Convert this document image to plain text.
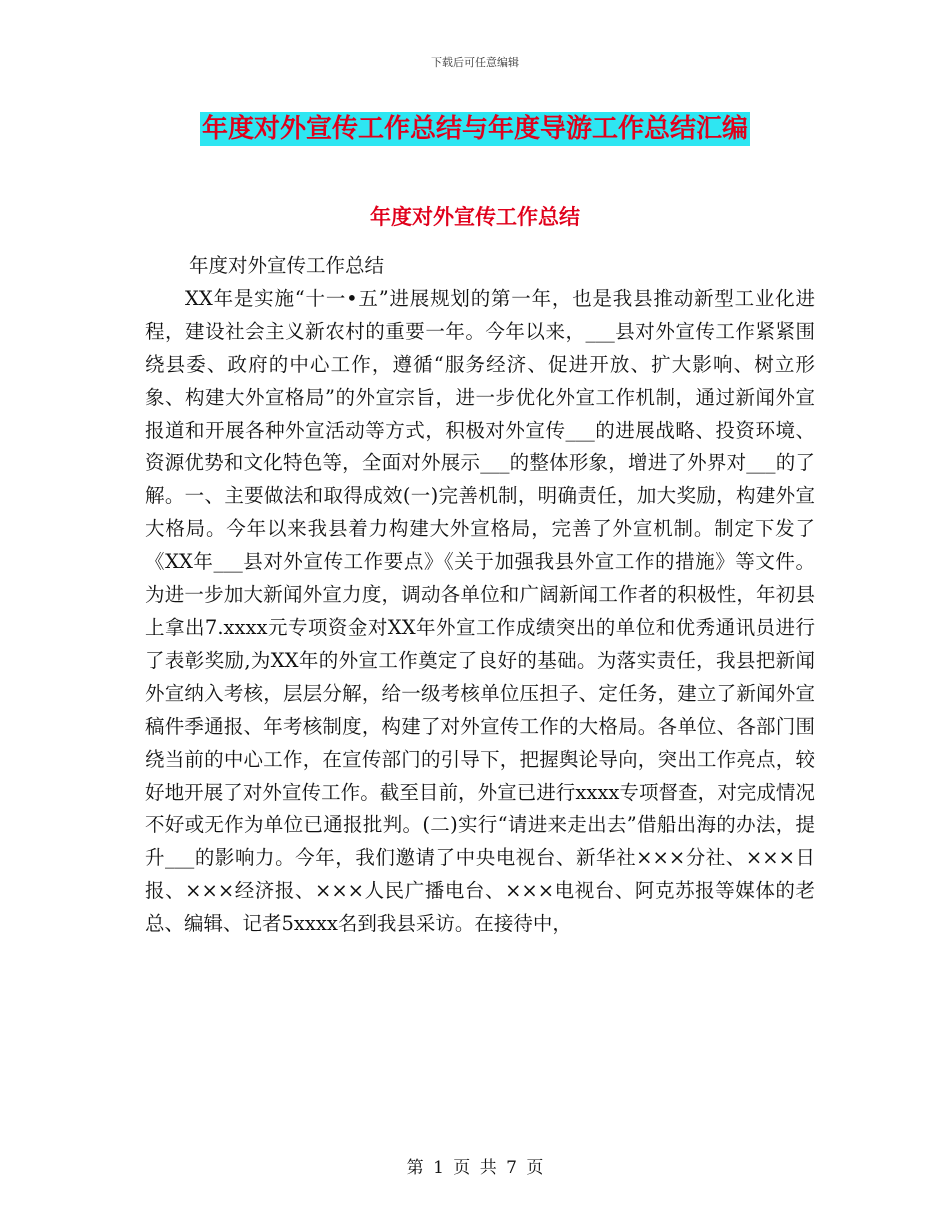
下载后可任意编辑
年度对外宣传工作总结与年度导游工作总结汇编
年度对外宣传工作总结

年度对外宣传工作总结

XX年是实施“十一•五”进展规划的第一年，也是我县推动新型工业化进程，建设社会主义新农村的重要一年。今年以来，___县对外宣传工作紧紧围绕县委、政府的中心工作，遵循“服务经济、促进开放、扩大影响、树立形象、构建大外宣格局”的外宣宗旨，进一步优化外宣工作机制，通过新闻外宣报道和开展各种外宣活动等方式，积极对外宣传___的进展战略、投资环境、资源优势和文化特色等，全面对外展示___的整体形象，增进了外界对___的了解。一、主要做法和取得成效(一)完善机制，明确责任，加大奖励，构建外宣大格局。今年以来我县着力构建大外宣格局，完善了外宣机制。制定下发了《XX年___县对外宣传工作要点》《关于加强我县外宣工作的措施》等文件。为进一步加大新闻外宣力度，调动各单位和广阔新闻工作者的积极性，年初县上拿出7.xxxx元专项资金对XX年外宣工作成绩突出的单位和优秀通讯员进行了表彰奖励,为XX年的外宣工作奠定了良好的基础。为落实责任，我县把新闻外宣纳入考核，层层分解，给一级考核单位压担子、定任务，建立了新闻外宣稿件季通报、年考核制度，构建了对外宣传工作的大格局。各单位、各部门围绕当前的中心工作，在宣传部门的引导下，把握舆论导向，突出工作亮点，较好地开展了对外宣传工作。截至目前，外宣已进行xxxx专项督查，对完成情况不好或无作为单位已通报批判。(二)实行“请进来走出去”借船出海的办法，提升___的影响力。今年，我们邀请了中央电视台、新华社×××分社、×××日报、×××经济报、×××人民广播电台、×××电视台、阿克苏报等媒体的老总、编辑、记者5xxxx名到我县采访。在接待中，

第 1 页 共 7 页
